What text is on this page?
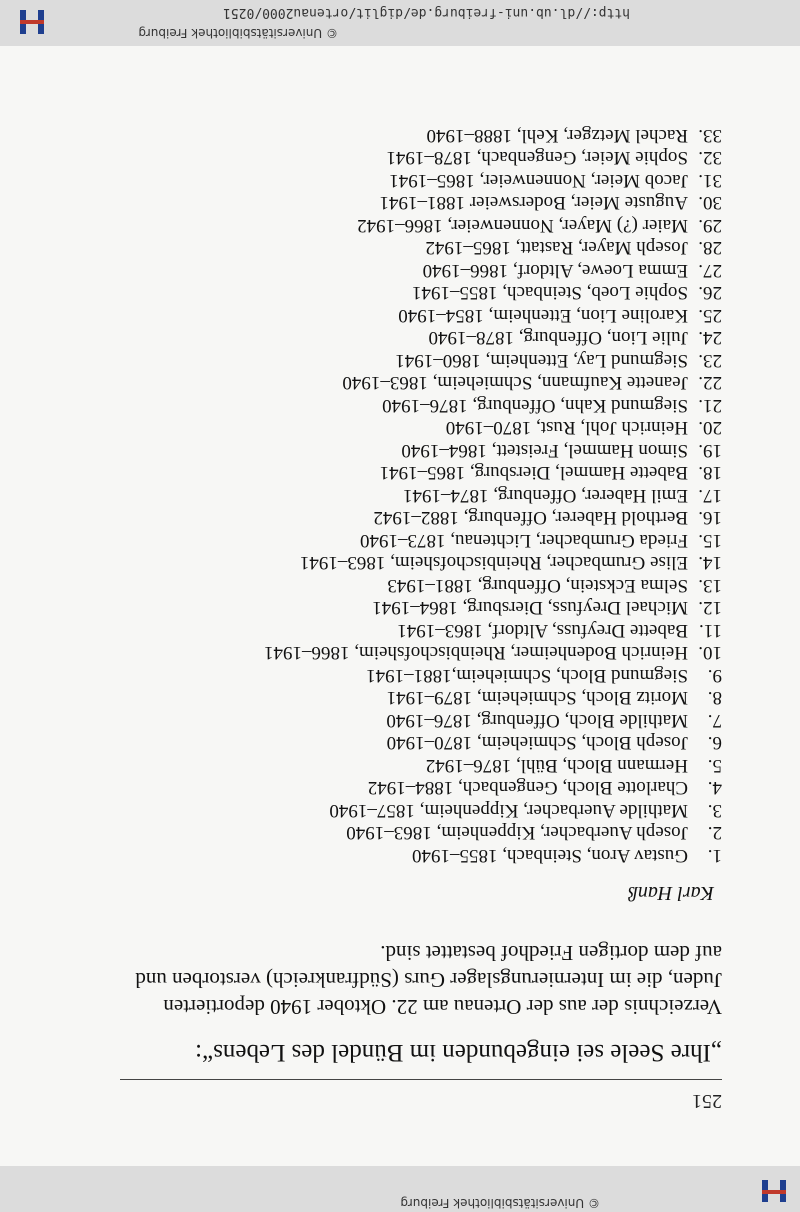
© Universitätsbibliothek Freiburg
251
„Ihre Seele sei eingebunden im Bündel des Lebens“:
Verzeichnis der aus der Ortenau am 22. Oktober 1940 deportierten Juden, die im Internierungslager Gurs (Südfrankreich) verstorben und auf dem dortigen Friedhof bestattet sind.
Karl Hanß
1.Gustav Aron, Steinbach, 1855–1940
2.Joseph Auerbacher, Kippenheim, 1863–1940
3.Mathilde Auerbacher, Kippenheim, 1857–1940
4.Charlotte Bloch, Gengenbach, 1884–1942
5.Hermann Bloch, Bühl, 1876–1942
6.Joseph Bloch, Schmieheim, 1870–1940
7.Mathilde Bloch, Offenburg, 1876–1940
8.Moritz Bloch, Schmieheim, 1879–1941
9.Siegmund Bloch, Schmieheim,1881–1941
10.Heinrich Bodenheimer, Rheinbischofsheim, 1866–1941
11.Babette Dreyfuss, Altdorf, 1863–1941
12.Michael Dreyfuss, Diersburg, 1864–1941
13.Selma Eckstein, Offenburg, 1881–1943
14.Elise Grumbacher, Rheinbischofsheim, 1863–1941
15.Frieda Grumbacher, Lichtenau, 1873–1940
16.Berthold Haberer, Offenburg, 1882–1942
17.Emil Haberer, Offenburg, 1874–1941
18.Babette Hammel, Diersburg, 1865–1941
19.Simon Hammel, Freistett, 1864–1940
20.Heinrich Johl, Rust, 1870–1940
21.Siegmund Kahn, Offenburg, 1876–1940
22.Jeanette Kaufmann, Schmieheim, 1863–1940
23.Siegmund Lay, Ettenheim, 1860–1941
24.Julie Lion, Offenburg, 1878–1940
25.Karoline Lion, Ettenheim, 1854–1940
26.Sophie Loeb, Steinbach, 1855–1941
27.Emma Loewe, Altdorf, 1866–1940
28.Joseph Mayer, Rastatt, 1865–1942
29.Maier (?) Mayer, Nonnenweier, 1866–1942
30.Auguste Meier, Bodersweier 1881–1941
31.Jacob Meier, Nonnenweier, 1865–1941
32.Sophie Meier, Gengenbach, 1878–1941
33.Rachel Metzger, Kehl, 1888–1940
http://dl.ub.uni-freiburg.de/diglit/ortenau2000/0251
© Universitätsbibliothek Freiburg
